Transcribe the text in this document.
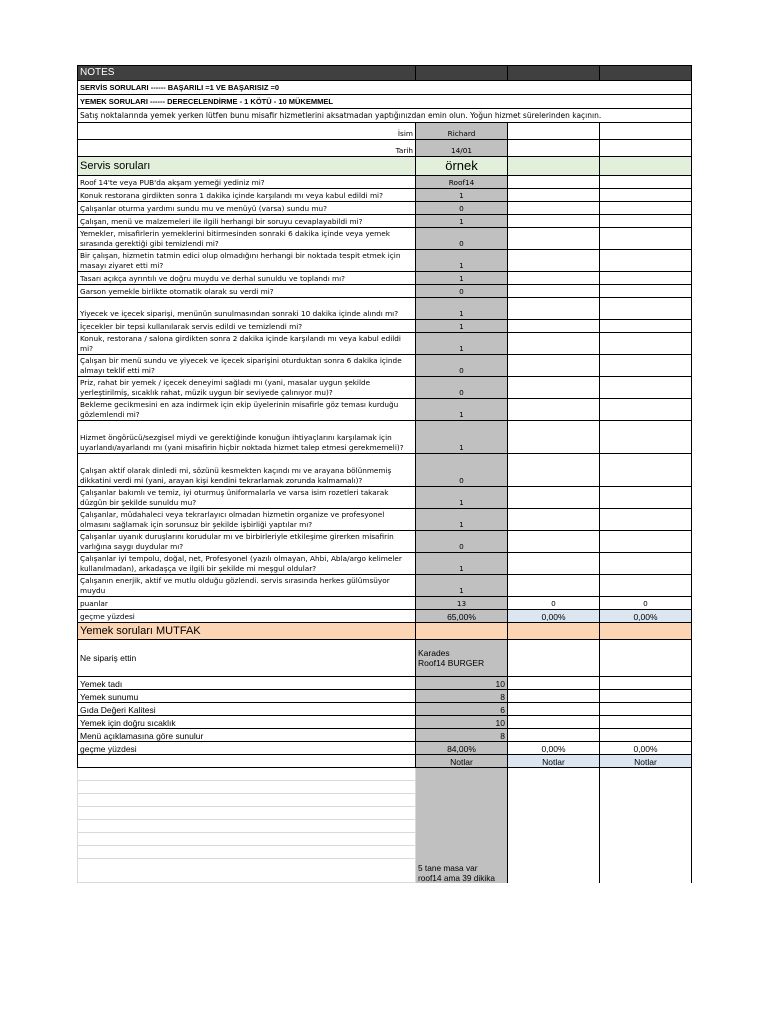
NOTES			
SERVİS SORULARI ------ BAŞARILI =1 VE BAŞARISIZ =0			
YEMEK SORULARI ------ DERECELENDİRME - 1 KÖTÜ - 10 MÜKEMMEL			
Satış noktalarında yemek yerken lütfen bunu misafir hizmetlerini aksatmadan yaptığınızdan emin olun. Yoğun hizmet sürelerinden kaçının.			
İsim	Richard		
Tarih	14/01		
Servis soruları	örnek		
Roof 14'te veya PUB'da akşam yemeği yediniz mi?	Roof14		
Konuk restorana girdikten sonra 1 dakika içinde karşılandı mı veya kabul edildi mi?	1		
Çalışanlar oturma yardımı sundu mu ve menüyü (varsa) sundu mu?	0		
Çalışan, menü ve malzemeleri ile ilgili herhangi bir soruyu cevaplayabildi mi?	1		
Yemekler, misafirlerin yemeklerini bitirmesinden sonraki 6 dakika içinde veya yemek sırasında gerektiği gibi temizlendi mi?	0		
Bir çalışan, hizmetin tatmin edici olup olmadığını herhangi bir noktada tespit etmek için masayı ziyaret etti mi?	1		
Tasarı açıkça ayrıntılı ve doğru muydu ve derhal sunuldu ve toplandı mı?	1		
Garson yemekle birlikte otomatik olarak su verdi mi?	0		
Yiyecek ve içecek siparişi, menünün sunulmasından sonraki 10 dakika içinde alındı mı?	1		
İçecekler bir tepsi kullanılarak servis edildi ve temizlendi mi?	1		
Konuk, restorana / salona girdikten sonra 2 dakika içinde karşılandı mı veya kabul edildi mi?	1		
Çalışan bir menü sundu ve yiyecek ve içecek siparişini oturduktan sonra 6 dakika içinde almayı teklif etti mi?	0		
Priz, rahat bir yemek / içecek deneyimi sağladı mı (yani, masalar uygun şekilde yerleştirilmiş, sıcaklık rahat, müzik uygun bir seviyede çalınıyor mu)?	0		
Bekleme gecikmesini en aza indirmek için ekip üyelerinin misafirle göz teması kurduğu gözlemlendi mi?	1		
Hizmet öngörücü/sezgisel miydi ve gerektiğinde konuğun ihtiyaçlarını karşılamak için uyarlandı/ayarlandı mı (yani misafirin hiçbir noktada hizmet talep etmesi gerekmemeli)?	1		
Çalışan aktif olarak dinledi mi, sözünü kesmekten kaçındı mı ve arayana bölünmemiş dikkatini verdi mi (yani, arayan kişi kendini tekrarlamak zorunda kalmamalı)?	0		
Çalışanlar bakımlı ve temiz, iyi oturmuş üniformalarla ve varsa isim rozetleri takarak düzgün bir şekilde sunuldu mu?	1		
Çalışanlar, müdahaleci veya tekrarlayıcı olmadan hizmetin organize ve profesyonel olmasını sağlamak için sorunsuz bir şekilde işbirliği yaptılar mı?	1		
Çalışanlar uyanık duruşlarını korudular mı ve birbirleriyle etkileşime girerken misafirin varlığına saygı duydular mı?	0		
Çalışanlar iyi tempolu, doğal, net, Profesyonel (yazılı olmayan, Ahbi, Abla/argo kelimeler kullanılmadan), arkadaşça ve ilgili bir şekilde mi meşgul oldular?	1		
Çalışanın enerjik, aktif ve mutlu olduğu gözlendi. servis sırasında herkes gülümsüyor muydu	1		
puanlar	13	0	0
geçme yüzdesi	65,00%	0,00%	0,00%
Yemek soruları MUTFAK			
Ne sipariş ettin	Karades
Roof14 BURGER		

Yemek tadı	10		
Yemek sunumu	8		
Gıda Değeri Kalitesi	6		
Yemek için doğru sıcaklık	10		
Menü açıklamasına göre sunulur	8		
geçme yüzdesi	84,00%	0,00%	0,00%
	Notlar	Notlar	Notlar

	5 tane masa var
roof14 ama 39 dikika		
